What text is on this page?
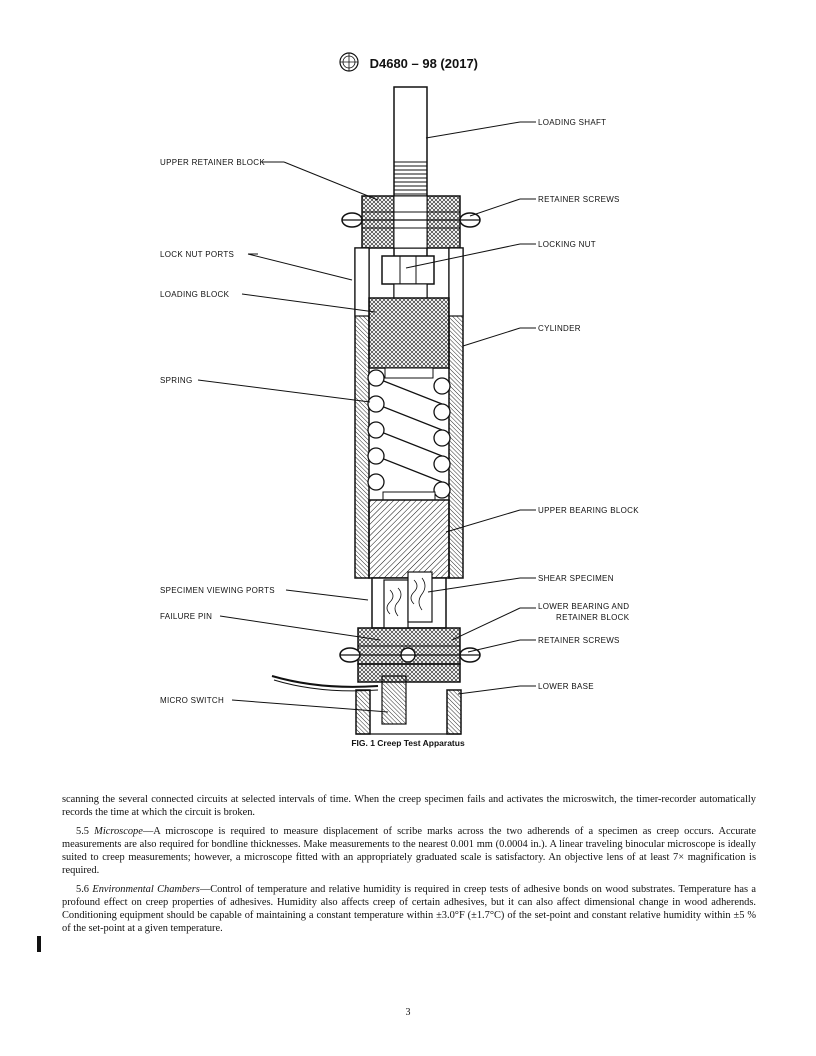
D4680 – 98 (2017)
LOADING SHAFT
UPPER RETAINER BLOCK
RETAINER SCREWS
LOCKING NUT
LOCK NUT PORTS
LOADING BLOCK
CYLINDER
SPRING
UPPER BEARING BLOCK
SHEAR SPECIMEN
SPECIMEN VIEWING PORTS
LOWER BEARING AND
RETAINER BLOCK
FAILURE PIN
RETAINER SCREWS
LOWER BASE
MICRO SWITCH
FIG. 1 Creep Test Apparatus

scanning the several connected circuits at selected intervals of time. When the creep specimen fails and activates the microswitch, the timer-recorder automatically records the time at which the circuit is broken.

5.5 Microscope—A microscope is required to measure displacement of scribe marks across the two adherends of a specimen as creep occurs. Accurate measurements are also required for bondline thicknesses. Make measurements to the nearest 0.001 mm (0.0004 in.). A linear traveling binocular microscope is ideally suited to creep measurements; however, a microscope fitted with an appropriately graduated scale is satisfactory. An objective lens of at least 7× magnification is required.

5.6 Environmental Chambers—Control of temperature and relative humidity is required in creep tests of adhesive bonds on wood substrates. Temperature has a profound effect on creep properties of adhesives. Humidity also affects creep of certain adhesives, but it can also affect dimensional change in wood adherends. Conditioning equipment should be capable of maintaining a constant temperature within ±3.0°F (±1.7°C) of the set-point and constant relative humidity within ±5 % of the set-point at a given temperature.

3
